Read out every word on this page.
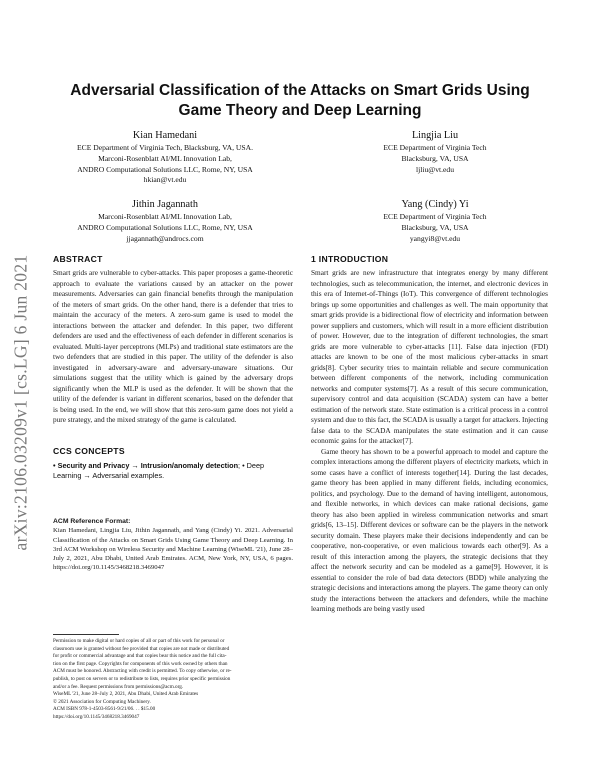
arXiv:2106.03209v1 [cs.LG] 6 Jun 2021
Adversarial Classification of the Attacks on Smart Grids Using
Game Theory and Deep Learning
Kian Hamedani
ECE Department of Virginia Tech, Blacksburg, VA, USA.
Marconi-Rosenblatt AI/ML Innovation Lab,
ANDRO Computational Solutions LLC, Rome, NY, USA
hkian@vt.edu
Lingjia Liu
ECE Department of Virginia Tech
Blacksburg, VA, USA
ljliu@vt.edu
Jithin Jagannath
Marconi-Rosenblatt AI/ML Innovation Lab,
ANDRO Computational Solutions LLC, Rome, NY, USA
jjagannath@androcs.com
Yang (Cindy) Yi
ECE Department of Virginia Tech
Blacksburg, VA, USA
yangyi8@vt.edu
ABSTRACT

Smart grids are vulnerable to cyber-attacks. This paper proposes a game-theoretic approach to evaluate the variations caused by an attacker on the power measurements. Adversaries can gain financial benefits through the manipulation of the meters of smart grids. On the other hand, there is a defender that tries to maintain the accuracy of the meters. A zero-sum game is used to model the interactions between the attacker and defender. In this paper, two different defenders are used and the effectiveness of each defender in different scenarios is evaluated. Multi-layer perceptrons (MLPs) and traditional state estimators are the two defenders that are studied in this paper. The utility of the defender is also investigated in adversary-aware and adversary-unaware situations. Our simulations suggest that the utility which is gained by the adversary drops significantly when the MLP is used as the defender. It will be shown that the utility of the defender is variant in different scenarios, based on the defender that is being used. In the end, we will show that this zero-sum game does not yield a pure strategy, and the mixed strategy of the game is calculated.

CCS CONCEPTS
• Security and Privacy → Intrusion/anomaly detection; • Deep Learning → Adversarial examples.
ACM Reference Format:
Kian Hamedani, Lingjia Liu, Jithin Jagannath, and Yang (Cindy) Yi. 2021. Adversarial Classification of the Attacks on Smart Grids Using Game Theory and Deep Learning. In 3rd ACM Workshop on Wireless Security and Machine Learning (WiseML '21), June 28–July 2, 2021, Abu Dhabi, United Arab Emirates. ACM, New York, NY, USA, 6 pages. https://doi.org/10.1145/3468218.3469047
Permission to make digital or hard copies of all or part of this work for personal or
classroom use is granted without fee provided that copies are not made or distributed
for profit or commercial advantage and that copies bear this notice and the full cita-
tion on the first page. Copyrights for components of this work owned by others than
ACM must be honored. Abstracting with credit is permitted. To copy otherwise, or re-
publish, to post on servers or to redistribute to lists, requires prior specific permission
and/or a fee. Request permissions from permissions@acm.org.
WiseML '21, June 28–July 2, 2021, Abu Dhabi, United Arab Emirates
© 2021 Association for Computing Machinery.
ACM ISBN 978-1-4503-8561-9/21/06. . . $15.00
https://doi.org/10.1145/3468218.3469047
1 INTRODUCTION

Smart grids are new infrastructure that integrates energy by many different technologies, such as telecommunication, the internet, and electronic devices in this era of Internet-of-Things (IoT). This convergence of different technologies brings up some opportunities and challenges as well. The main opportunity that smart grids provide is a bidirectional flow of electricity and information between power suppliers and customers, which will result in a more efficient distribution of power. However, due to the integration of different technologies, the smart grids are more vulnerable to cyber-attacks [11]. False data injection (FDI) attacks are known to be one of the most malicious cyber-attacks in smart grids[8]. Cyber security tries to maintain reliable and secure communication between different components of the network, including communication networks and computer systems[7]. As a result of this secure communication, supervisory control and data acquisition (SCADA) system can have a better estimation of the network state. State estimation is a critical process in a control system and due to this fact, the SCADA is usually a target for attackers. Injecting false data to the SCADA manipulates the state estimation and it can cause economic gains for the attacker[7].

Game theory has shown to be a powerful approach to model and capture the complex interactions among the different players of electricity markets, which in some cases have a conflict of interests together[14]. During the last decades, game theory has been applied in many different fields, including economics, politics, and psychology. Due to the demand of having intelligent, autonomous, and flexible networks, in which devices can make rational decisions, game theory has also been applied in wireless communication networks and smart grids[6, 13–15]. Different devices or software can be the players in the network security domain. These players make their decisions independently and can be cooperative, non-cooperative, or even malicious towards each other[9]. As a result of this interaction among the players, the strategic decisions that they affect the network security and can be modeled as a game[9]. However, it is essential to consider the role of bad data detectors (BDD) while analyzing the strategic decisions and interactions among the players. The game theory can only study the interactions between the attackers and defenders, while the machine learning methods are being vastly used
